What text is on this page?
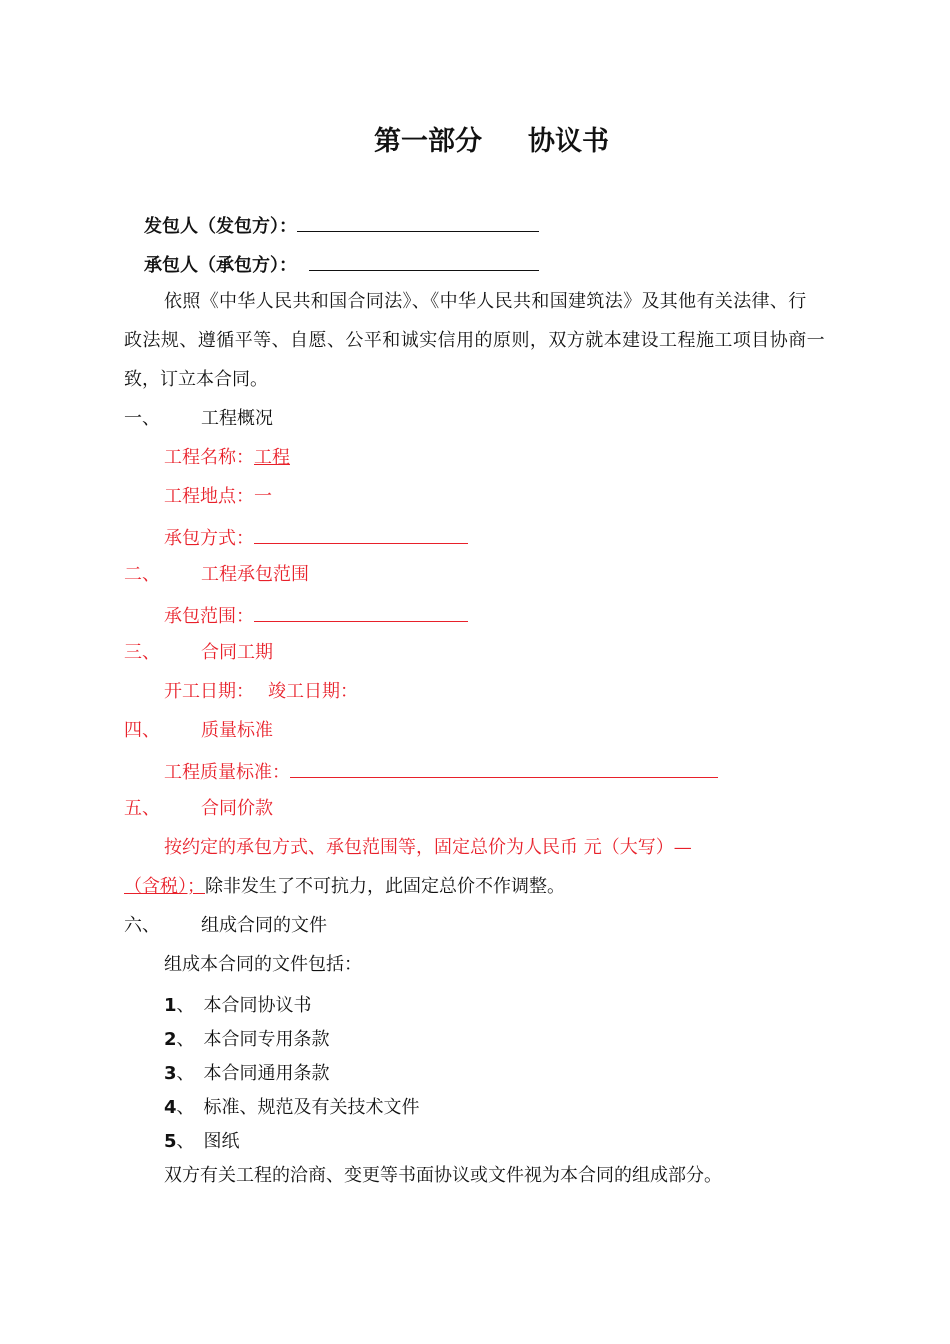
第一部分 协议书
发包人（发包方）：
承包人（承包方）：
依照《中华人民共和国合同法》、《中华人民共和国建筑法》及其他有关法律、行
政法规、遵循平等、自愿、公平和诚实信用的原则，双方就本建设工程施工项目协商一
致，订立本合同。
一、 工程概况
工程名称：工程
工程地点：一
承包方式：
二、 工程承包范围
承包范围：
三、 合同工期
开工日期： 竣工日期：
四、 质量标准
工程质量标准：
五、 合同价款
按约定的承包方式、承包范围等，固定总价为人民币 元（大写）—
（含税）；除非发生了不可抗力，此固定总价不作调整。
六、 组成合同的文件
组成本合同的文件包括：
1、 本合同协议书
2、 本合同专用条款
3、 本合同通用条款
4、 标准、规范及有关技术文件
5、 图纸
双方有关工程的洽商、变更等书面协议或文件视为本合同的组成部分。
